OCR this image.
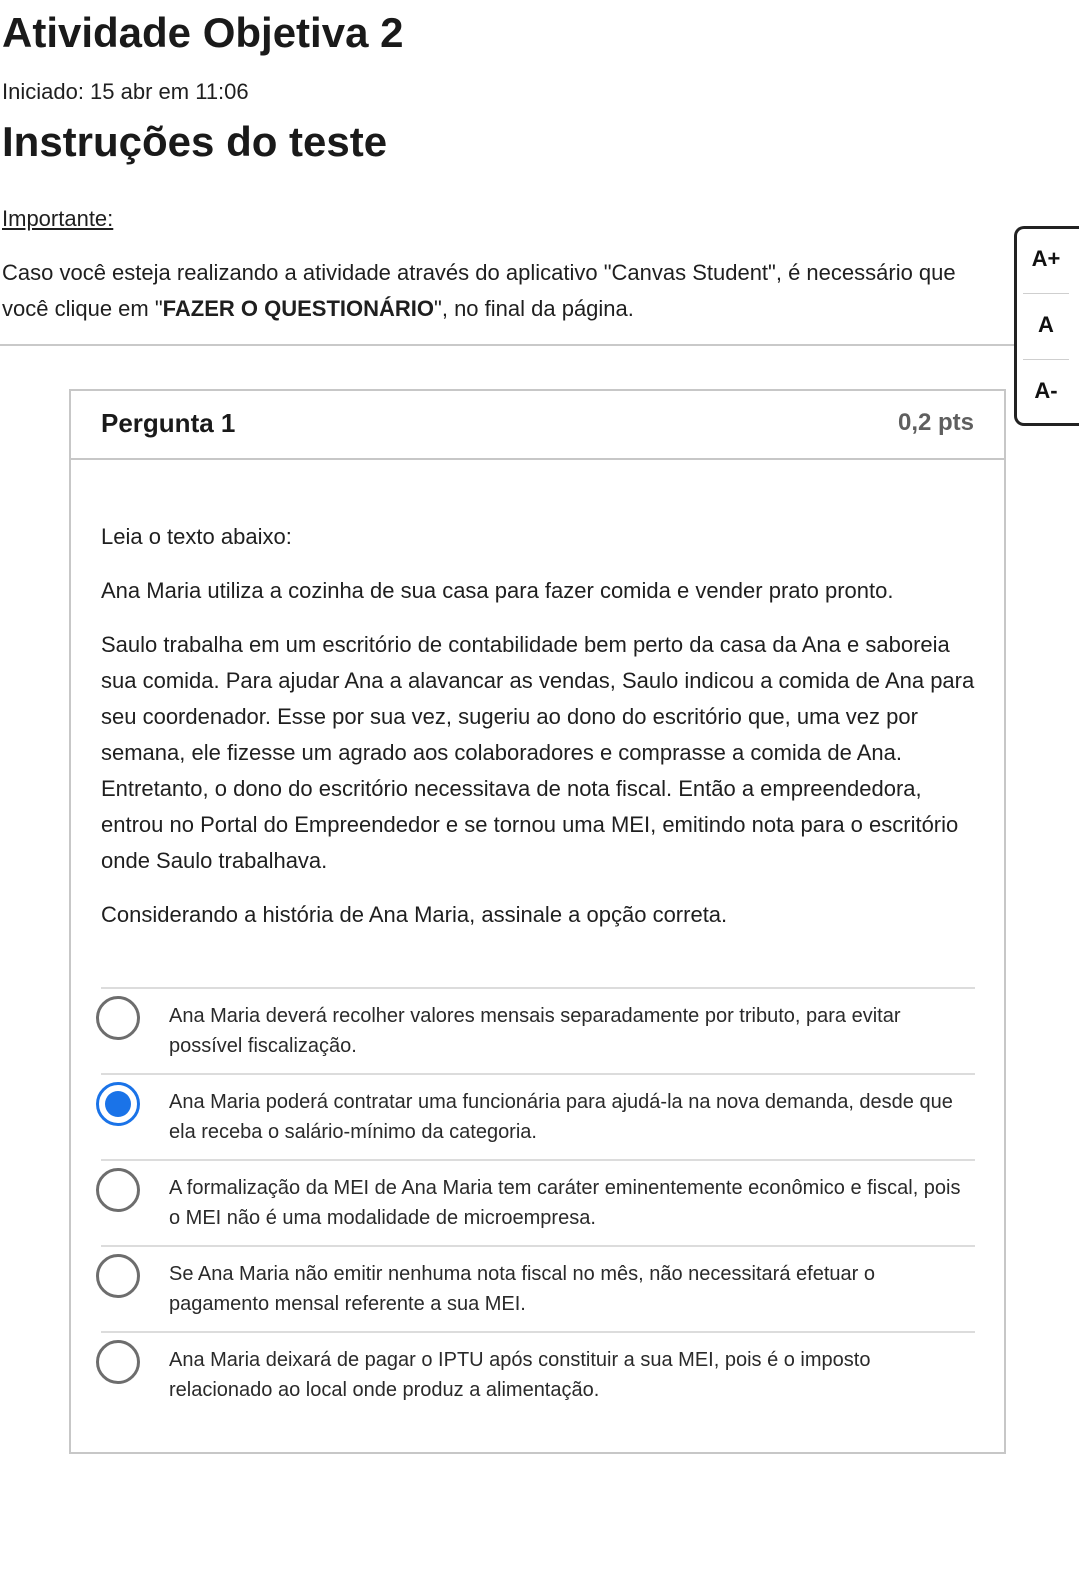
Atividade Objetiva 2
Iniciado: 15 abr em 11:06
Instruções do teste
Importante:
Caso você esteja realizando a atividade através do aplicativo "Canvas Student", é necessário que
você clique em "FAZER O QUESTIONÁRIO", no final da página.
A+
A
A-
Pergunta 1	0,2 pts

Leia o texto abaixo:

Ana Maria utiliza a cozinha de sua casa para fazer comida e vender prato pronto.

Saulo trabalha em um escritório de contabilidade bem perto da casa da Ana e saboreia sua comida. Para ajudar Ana a alavancar as vendas, Saulo indicou a comida de Ana para seu coordenador. Esse por sua vez, sugeriu ao dono do escritório que, uma vez por semana, ele fizesse um agrado aos colaboradores e comprasse a comida de Ana. Entretanto, o dono do escritório necessitava de nota fiscal. Então a empreendedora, entrou no Portal do Empreendedor e se tornou uma MEI, emitindo nota para o escritório onde Saulo trabalhava.

Considerando a história de Ana Maria, assinale a opção correta.

Ana Maria deverá recolher valores mensais separadamente por tributo, para evitar possível fiscalização.
Ana Maria poderá contratar uma funcionária para ajudá-la na nova demanda, desde que ela receba o salário-mínimo da categoria.
A formalização da MEI de Ana Maria tem caráter eminentemente econômico e fiscal, pois o MEI não é uma modalidade de microempresa.
Se Ana Maria não emitir nenhuma nota fiscal no mês, não necessitará efetuar o pagamento mensal referente a sua MEI.
Ana Maria deixará de pagar o IPTU após constituir a sua MEI, pois é o imposto relacionado ao local onde produz a alimentação.
